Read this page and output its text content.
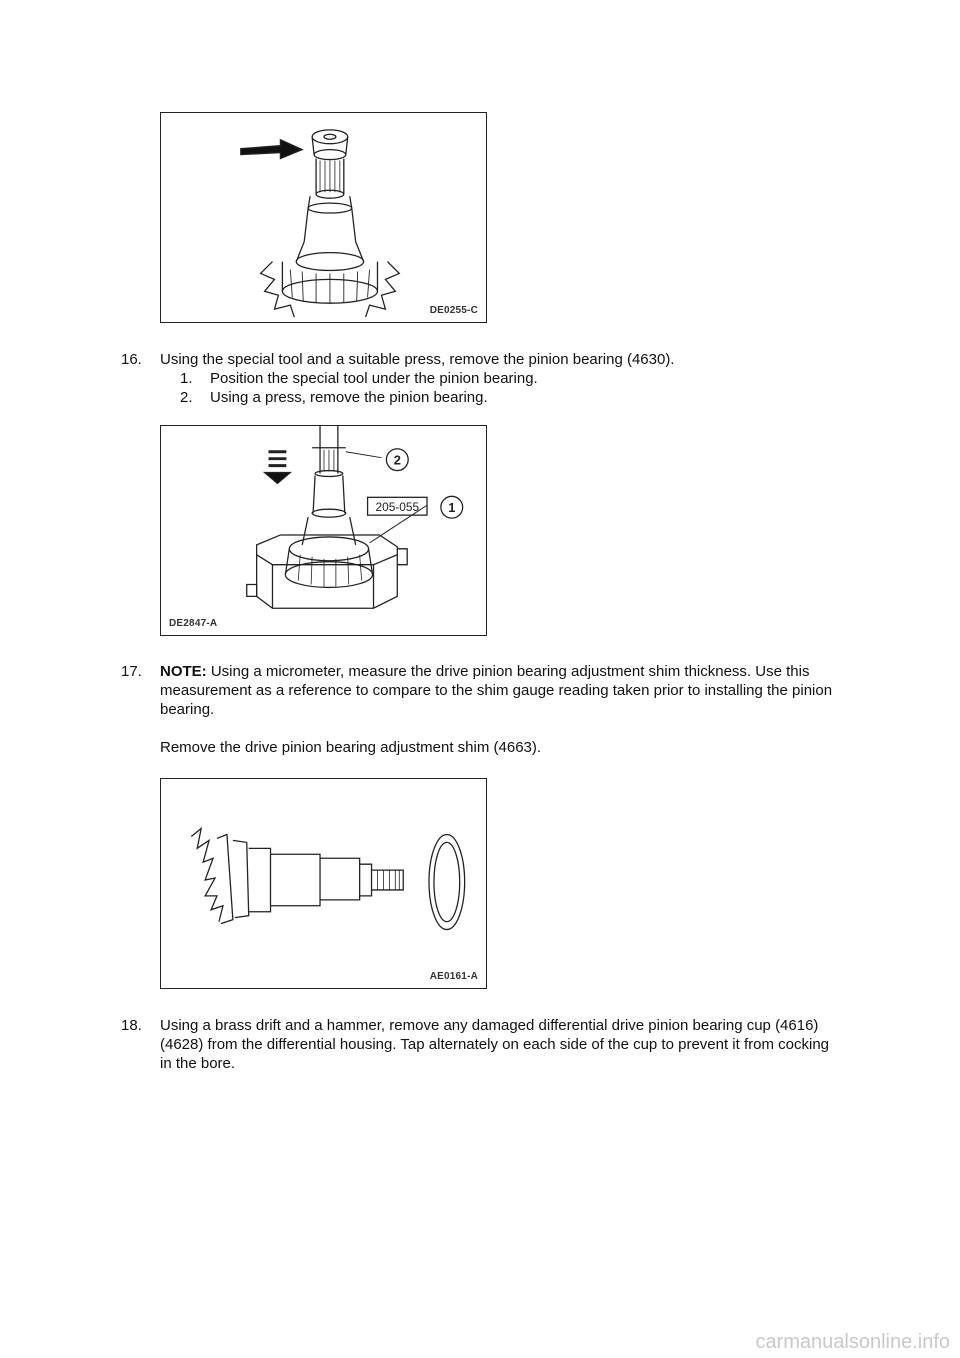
DE0255-C
16. Using the special tool and a suitable press, remove the pinion bearing (4630).
1. Position the special tool under the pinion bearing.
2. Using a press, remove the pinion bearing.
2
1
205-055
DE2847-A
17. NOTE: Using a micrometer, measure the drive pinion bearing adjustment shim thickness. Use this measurement as a reference to compare to the shim gauge reading taken prior to installing the pinion bearing.
Remove the drive pinion bearing adjustment shim (4663).
AE0161-A
18. Using a brass drift and a hammer, remove any damaged differential drive pinion bearing cup (4616) (4628) from the differential housing. Tap alternately on each side of the cup to prevent it from cocking in the bore.
carmanualsonline.info
